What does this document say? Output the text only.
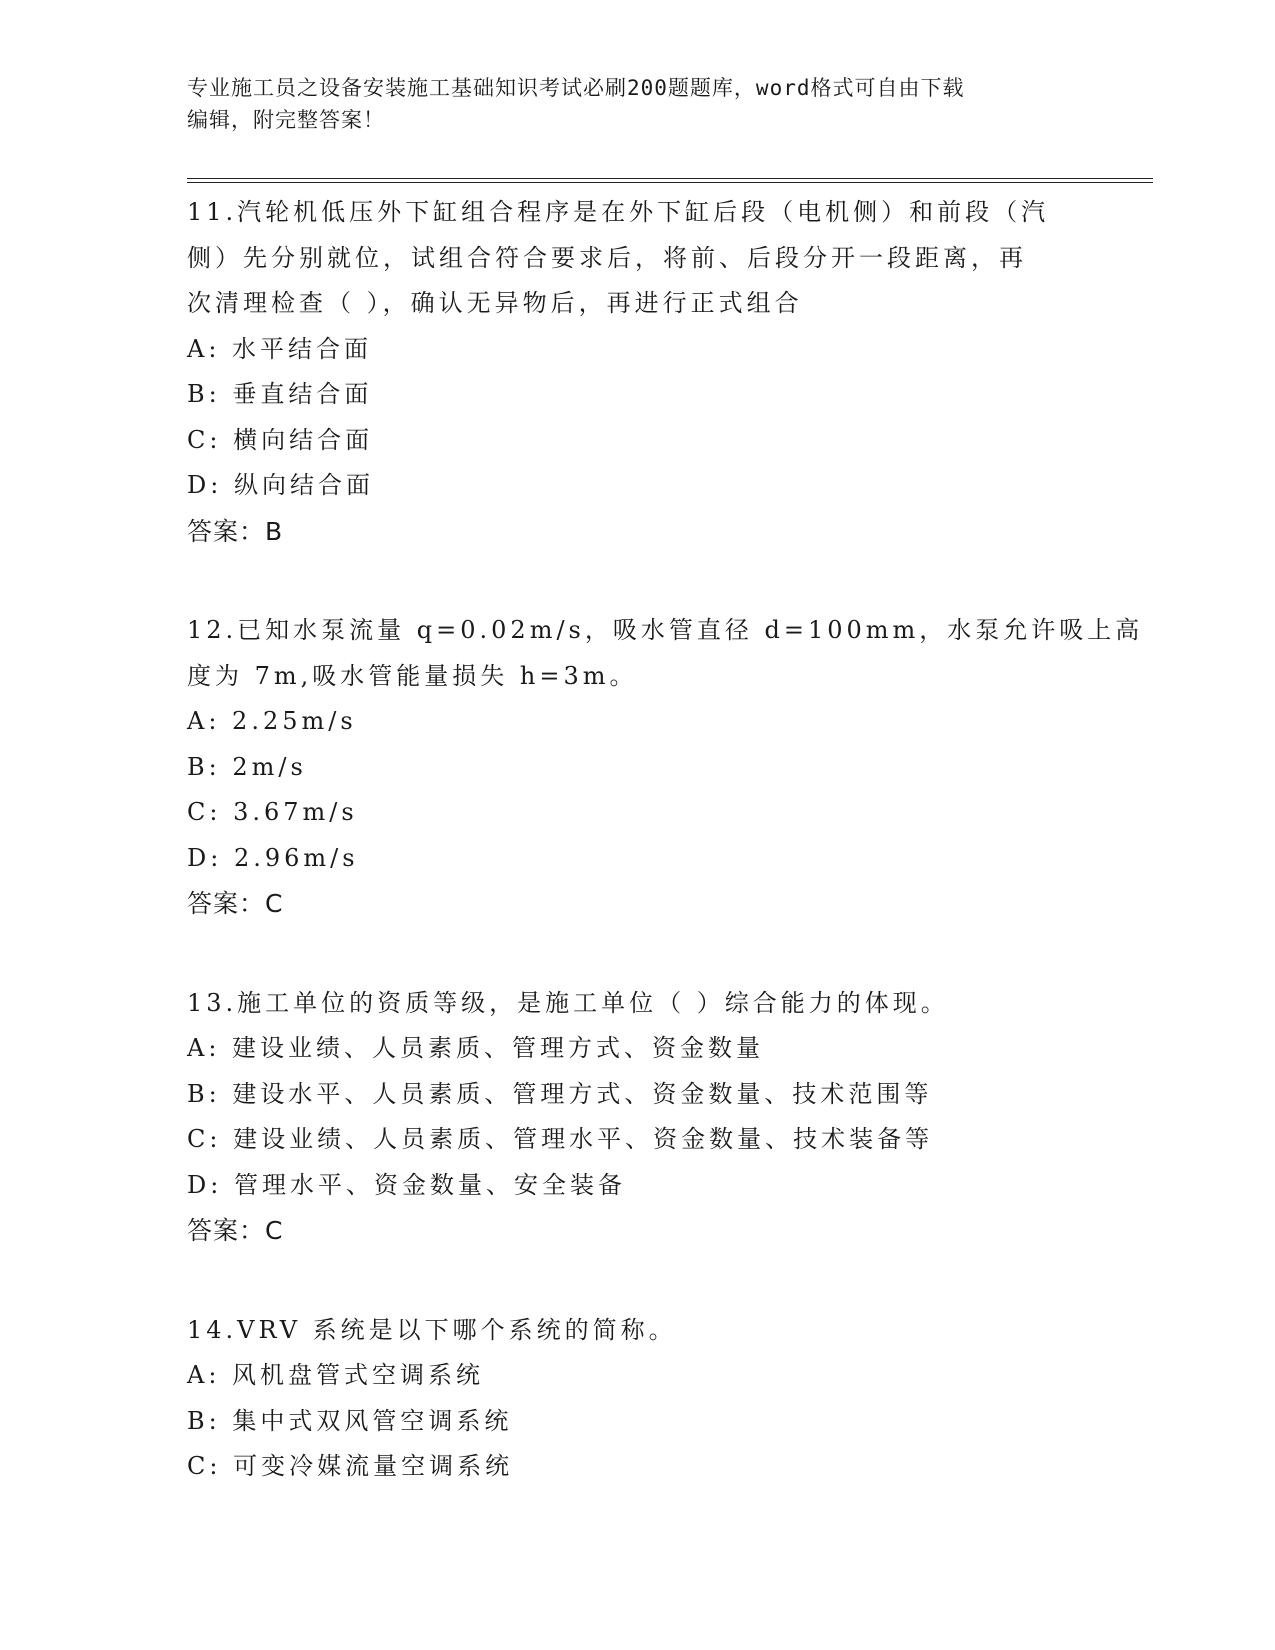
专业施工员之设备安装施工基础知识考试必刷200题题库，word格式可自由下载
编辑，附完整答案！
11.汽轮机低压外下缸组合程序是在外下缸后段（电机侧）和前段（汽
侧）先分别就位，试组合符合要求后，将前、后段分开一段距离，再
次清理检查（ ），确认无异物后，再进行正式组合
A: 水平结合面
B: 垂直结合面
C: 横向结合面
D: 纵向结合面
答案：B
12.已知水泵流量 q=0.02m/s，吸水管直径 d=100mm，水泵允许吸上高
度为 7m,吸水管能量损失 h=3m。
A: 2.25m/s
B: 2m/s
C: 3.67m/s
D: 2.96m/s
答案：C
13.施工单位的资质等级，是施工单位（ ）综合能力的体现。
A: 建设业绩、人员素质、管理方式、资金数量
B: 建设水平、人员素质、管理方式、资金数量、技术范围等
C: 建设业绩、人员素质、管理水平、资金数量、技术装备等
D: 管理水平、资金数量、安全装备
答案：C
14.VRV 系统是以下哪个系统的简称。
A: 风机盘管式空调系统
B: 集中式双风管空调系统
C: 可变冷媒流量空调系统
